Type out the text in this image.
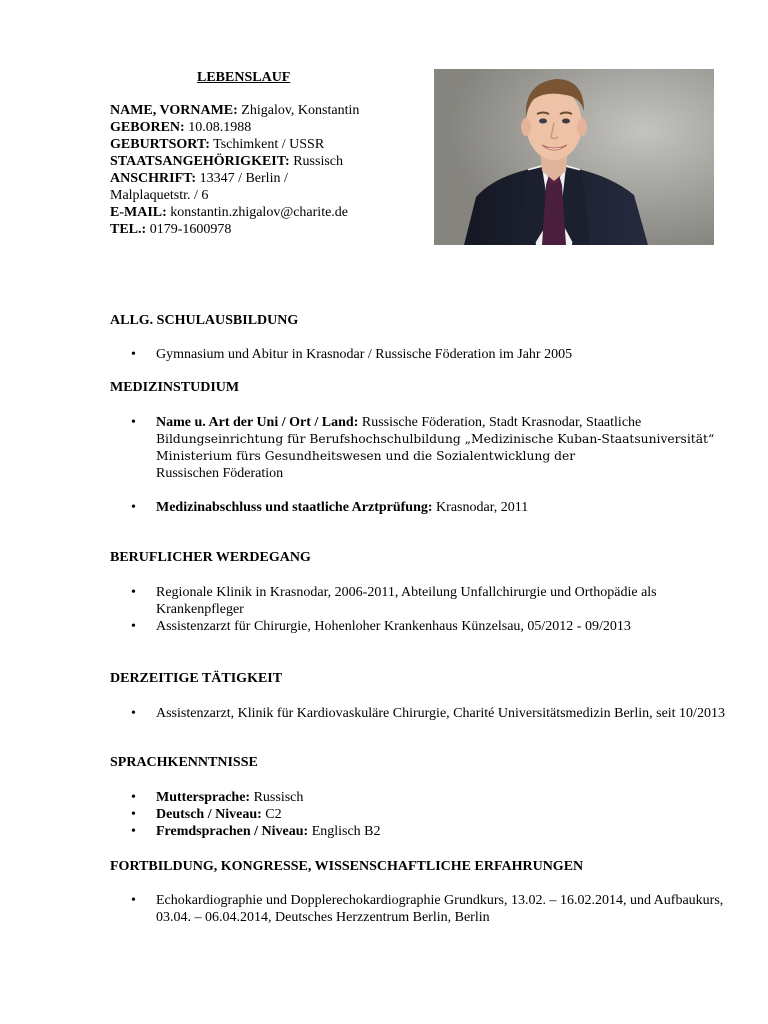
LEBENSLAUF
NAME, VORNAME: Zhigalov, Konstantin
GEBOREN: 10.08.1988
GEBURTSORT: Tschimkent / USSR
STAATSANGEHÖRIGKEIT: Russisch
ANSCHRIFT: 13347 / Berlin /
Malplaquetstr. / 6
E-MAIL: konstantin.zhigalov@charite.de
TEL.: 0179-1600978
ALLG. SCHULAUSBILDUNG
• Gymnasium und Abitur in Krasnodar / Russische Föderation im Jahr 2005
MEDIZINSTUDIUM
• Name u. Art der Uni / Ort / Land: Russische Föderation, Stadt Krasnodar, Staatliche
Bildungseinrichtung für Berufshochschulbildung „Medizinische Kuban-Staatsuniversität“ Ministerium fürs Gesundheitswesen und die Sozialentwicklung der
Russischen Föderation
• Medizinabschluss und staatliche Arztprüfung: Krasnodar, 2011
BERUFLICHER WERDEGANG
• Regionale Klinik in Krasnodar, 2006-2011, Abteilung Unfallchirurgie und Orthopädie als Krankenpfleger
• Assistenzarzt für Chirurgie, Hohenloher Krankenhaus Künzelsau, 05/2012 - 09/2013
DERZEITIGE TÄTIGKEIT
• Assistenzarzt, Klinik für Kardiovaskuläre Chirurgie, Charité Universitätsmedizin Berlin, seit 10/2013
SPRACHKENNTNISSE
• Muttersprache: Russisch
• Deutsch / Niveau: C2
• Fremdsprachen / Niveau: Englisch B2
FORTBILDUNG, KONGRESSE, WISSENSCHAFTLICHE ERFAHRUNGEN
• Echokardiographie und Dopplerechokardiographie Grundkurs, 13.02. – 16.02.2014, und Aufbaukurs, 03.04. – 06.04.2014, Deutsches Herzzentrum Berlin, Berlin
